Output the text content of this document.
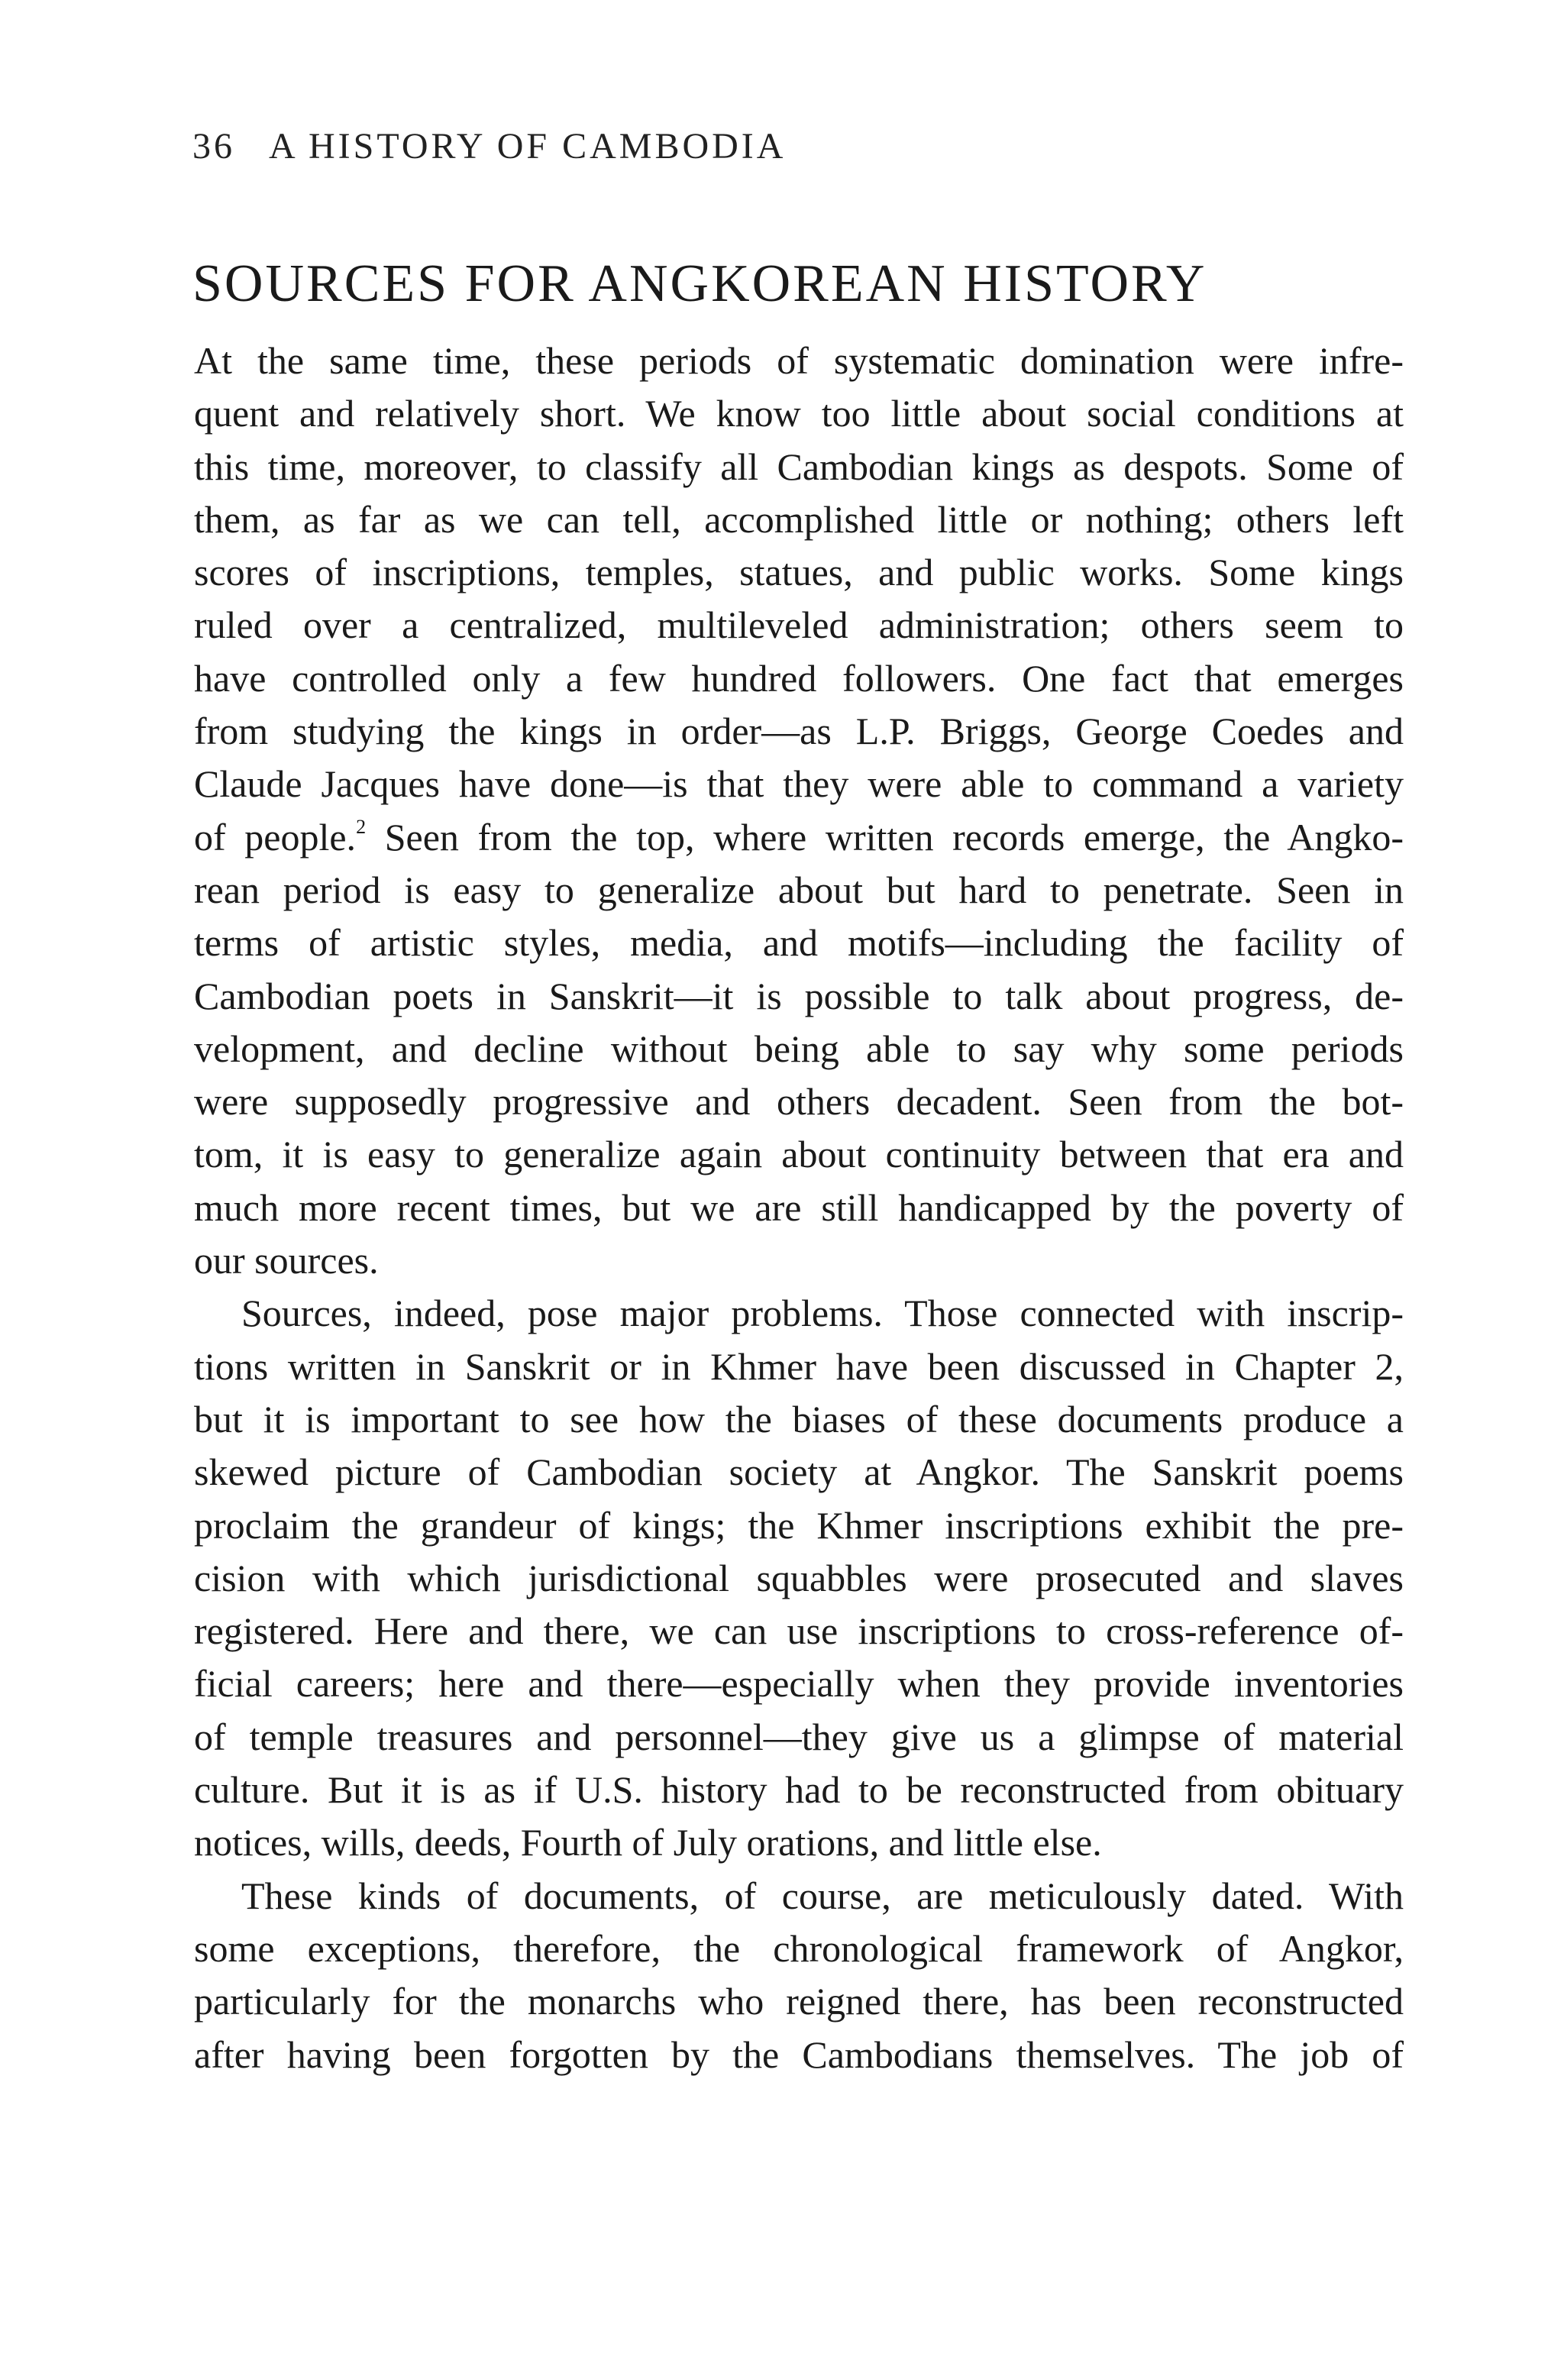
36 A HISTORY OF CAMBODIA
SOURCES FOR ANGKOREAN HISTORY
At the same time, these periods of systematic domination were infre-
quent and relatively short. We know too little about social conditions at
this time, moreover, to classify all Cambodian kings as despots. Some of
them, as far as we can tell, accomplished little or nothing; others left
scores of inscriptions, temples, statues, and public works. Some kings
ruled over a centralized, multileveled administration; others seem to
have controlled only a few hundred followers. One fact that emerges
from studying the kings in order—as L.P. Briggs, George Coedes and
Claude Jacques have done—is that they were able to command a variety
of people.$^2$ Seen from the top, where written records emerge, the Angko-
rean period is easy to generalize about but hard to penetrate. Seen in
terms of artistic styles, media, and motifs—including the facility of
Cambodian poets in Sanskrit—it is possible to talk about progress, de-
velopment, and decline without being able to say why some periods
were supposedly progressive and others decadent. Seen from the bot-
tom, it is easy to generalize again about continuity between that era and
much more recent times, but we are still handicapped by the poverty of
our sources.
Sources, indeed, pose major problems. Those connected with inscrip-
tions written in Sanskrit or in Khmer have been discussed in Chapter 2,
but it is important to see how the biases of these documents produce a
skewed picture of Cambodian society at Angkor. The Sanskrit poems
proclaim the grandeur of kings; the Khmer inscriptions exhibit the pre-
cision with which jurisdictional squabbles were prosecuted and slaves
registered. Here and there, we can use inscriptions to cross-reference of-
ficial careers; here and there—especially when they provide inventories
of temple treasures and personnel—they give us a glimpse of material
culture. But it is as if U.S. history had to be reconstructed from obituary
notices, wills, deeds, Fourth of July orations, and little else.
These kinds of documents, of course, are meticulously dated. With
some exceptions, therefore, the chronological framework of Angkor,
particularly for the monarchs who reigned there, has been reconstructed
after having been forgotten by the Cambodians themselves. The job of
